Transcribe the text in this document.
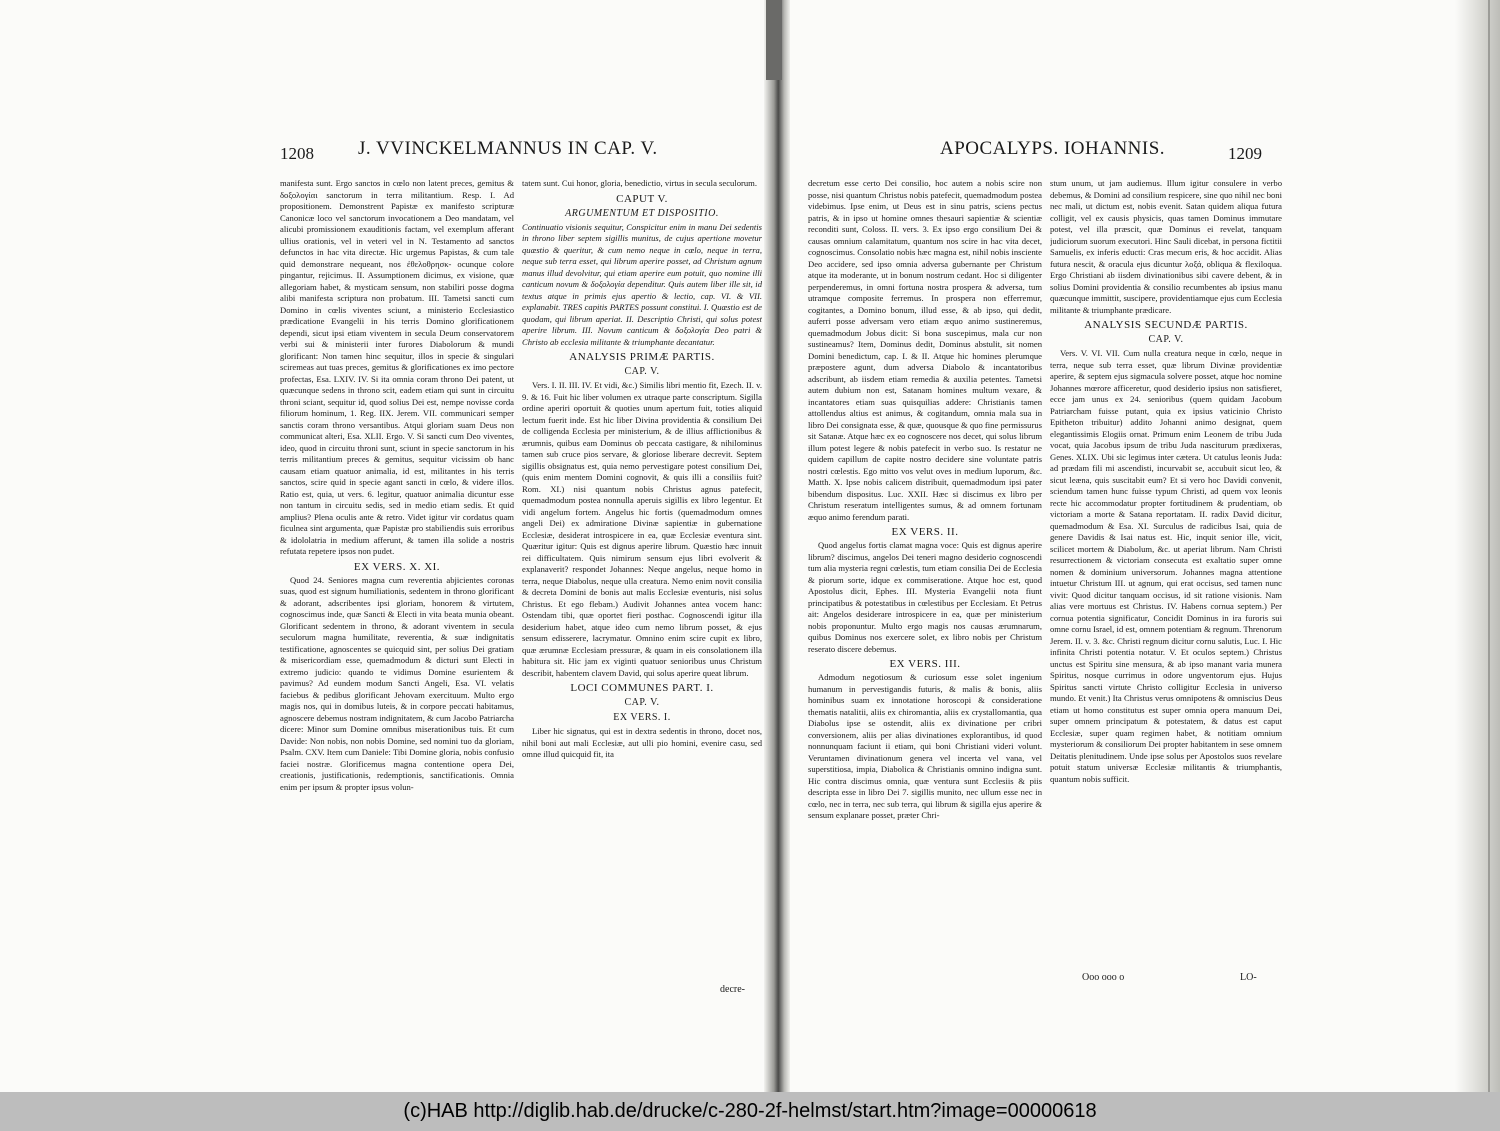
1208 J. VVINCKELMANNUS IN CAP. V.

manifesta sunt. Ergo sanctos in cœlo non latent preces, gemitus & δοξολογίαι sanctorum in terra militantium. Resp. I. Ad propositionem. Demonstrent Papistæ ex manifesto scripturæ Canonicæ loco vel sanctorum invocationem a Deo mandatam, vel alicubi promissionem exauditionis factam, vel exemplum afferant ullius orationis, vel in veteri vel in N. Testamento ad sanctos defunctos in hac vita directæ. Hic urgemus Papistas, & cum tale quid demonstrare nequeant, nos ἐθελοθρησκ- ocunque colore pingantur, rejicimus. II. Assumptionem dicimus, ex visione, quæ allegoriam habet, & mysticam sensum, non stabiliri posse dogma alibi manifesta scriptura non probatum. III. Tametsi sancti cum Domino in cœlis viventes sciunt, a ministerio Ecclesiastico prædicatione Evangelii in his terris Domino glorificationem dependi, sicut ipsi etiam viventem in secula Deum conservatorem verbi sui & ministerii inter furores Diabolorum & mundi glorificant: Non tamen hinc sequitur, illos in specie & singulari sciremeas aut tuas preces, gemitus & glorificationes ex imo pectore profectas, Esa. LXIV. IV. Si ita omnia coram throno Dei patent, ut quæcunque sedens in throno scit, eadem etiam qui sunt in circuitu throni sciant, sequitur id, quod solius Dei est, nempe novisse corda filiorum hominum, 1. Reg. IIX. Jerem. VII. communicari semper sanctis coram throno versantibus. Atqui gloriam suam Deus non communicat alteri, Esa. XLII. Ergo. V. Si sancti cum Deo viventes, ideo, quod in circuitu throni sunt, sciunt in specie sanctorum in his terris militantium preces & gemitus, sequitur vicissim ob hanc causam etiam quatuor animalia, id est, militantes in his terris sanctos, scire quid in specie agant sancti in cœlo, & videre illos. Ratio est, quia, ut vers. 6. legitur, quatuor animalia dicuntur esse non tantum in circuitu sedis, sed in medio etiam sedis. Et quid amplius? Plena oculis ante & retro. Videt igitur vir cordatus quam ficulnea sint argumenta, quæ Papistæ pro stabiliendis suis erroribus & idololatria in medium afferunt, & tamen illa solide a nostris refutata repetere ipsos non pudet.

EX VERS. X. XI.

Quod 24. Seniores magna cum reverentia abjicientes coronas suas, quod est signum humiliationis, sedentem in throno glorificant & adorant, adscribentes ipsi gloriam, honorem & virtutem, cognoscimus inde, quæ Sancti & Electi in vita beata munia obeant. Glorificant sedentem in throno, & adorant viventem in secula seculorum magna humilitate, reverentia, & suæ indignitatis testificatione, agnoscentes se quicquid sint, per solius Dei gratiam & misericordiam esse, quemadmodum & dicturi sunt Electi in extremo judicio: quando te vidimus Domine esurientem & pavimus? Ad eundem modum Sancti Angeli, Esa. VI. velatis faciebus & pedibus glorificant Jehovam exercituum. Multo ergo magis nos, qui in domibus luteis, & in corpore peccati habitamus, agnoscere debemus nostram indignitatem, & cum Jacobo Patriarcha dicere: Minor sum Domine omnibus miserationibus tuis. Et cum Davide: Non nobis, non nobis Domine, sed nomini tuo da gloriam, Psalm. CXV. Item cum Daniele: Tibi Domine gloria, nobis confusio faciei nostræ. Glorificemus magna contentione opera Dei, creationis, justificationis, redemptionis, sanctificationis. Omnia enim per ipsum & propter ipsus volun-

tatem sunt. Cui honor, gloria, benedictio, virtus in secula seculorum.

CAPUT V.
ARGUMENTUM ET DISPOSITIO.

Continuatio visionis sequitur, Conspicitur enim in manu Dei sedentis in throno liber septem sigillis munitus, de cujus apertione movetur quæstio & queritur, & cum nemo neque in cœlo, neque in terra, neque sub terra esset, qui librum aperire posset, ad Christum agnum manus illud devolvitur, qui etiam aperire eum potuit, quo nomine illi canticum novum & δοξολογία dependitur. Quis autem liber ille sit, id textus atque in primis ejus apertio & lectio, cap. VI. & VII. explanabit. TRES capitis PARTES possunt constitui. I. Quæstio est de quodam, qui librum aperiat. II. Descriptio Christi, qui solus potest aperire librum. III. Novum canticum & δοξολογία Deo patri & Christo ab ecclesia militante & triumphante decantatur.

ANALYSIS PRIMÆ PARTIS.
CAP. V.

Vers. I. II. III. IV. Et vidi, &c.) Similis libri mentio fit, Ezech. II. v. 9. & 16. Fuit hic liber volumen ex utraque parte conscriptum. Sigilla ordine aperiri oportuit & quoties unum apertum fuit, toties aliquid lectum fuerit inde. Est hic liber Divina providentia & consilium Dei de colligenda Ecclesia per ministerium, & de illius afflictionibus & ærumnis, quibus eam Dominus ob peccata castigare, & nihilominus tamen sub cruce pios servare, & gloriose liberare decrevit. Septem sigillis obsignatus est, quia nemo pervestigare potest consilium Dei, (quis enim mentem Domini cognovit, & quis illi a consiliis fuit? Rom. XI.) nisi quantum nobis Christus agnus patefecit, quemadmodum postea nonnulla aperuis sigillis ex libro legentur. Et vidi angelum fortem. Angelus hic fortis (quemadmodum omnes angeli Dei) ex admiratione Divinæ sapientiæ in gubernatione Ecclesiæ, desiderat introspicere in ea, quæ Ecclesiæ eventura sint. Quæritur igitur: Quis est dignus aperire librum. Quæstio hæc innuit rei difficultatem. Quis nimirum sensum ejus libri evolverit & explanaverit? respondet Johannes: Neque angelus, neque homo in terra, neque Diabolus, neque ulla creatura. Nemo enim novit consilia & decreta Domini de bonis aut malis Ecclesiæ eventuris, nisi solus Christus. Et ego flebam.) Audivit Johannes antea vocem hanc: Ostendam tibi, quæ oportet fieri posthac. Cognoscendi igitur illa desiderium habet, atque ideo cum nemo librum posset, & ejus sensum edisserere, lacrymatur. Omnino enim scire cupit ex libro, quæ ærumnæ Ecclesiam pressuræ, & quam in eis consolationem illa habitura sit. Hic jam ex viginti quatuor senioribus unus Christum describit, habentem clavem David, qui solus aperire queat librum.

LOCI COMMUNES PART. I.
CAP. V.
EX VERS. I.

Liber hic signatus, qui est in dextra sedentis in throno, docet nos, nihil boni aut mali Ecclesiæ, aut ulli pio homini, evenire casu, sed omne illud quicquid fit, ita

decre-
APOCALYPS. IOHANNIS.	1209

decretum esse certo Dei consilio, hoc autem a nobis scire non posse, nisi quantum Christus nobis patefecit, quemadmodum postea videbimus. Ipse enim, ut Deus est in sinu patris, sciens pectus patris, & in ipso ut homine omnes thesauri sapientiæ & scientiæ reconditi sunt, Coloss. II. vers. 3. Ex ipso ergo consilium Dei & causas omnium calamitatum, quantum nos scire in hac vita decet, cognoscimus. Consolatio nobis hæc magna est, nihil nobis insciente Deo accidere, sed ipso omnia adversa gubernante per Christum atque ita moderante, ut in bonum nostrum cedant. Hoc si diligenter perpenderemus, in omni fortuna nostra prospera & adversa, tum utramque composite ferremus. In prospera non efferremur, cogitantes, a Domino bonum, illud esse, & ab ipso, qui dedit, auferri posse adversam vero etiam æquo animo sustineremus, quemadmodum Jobus dicit: Si bona suscepimus, mala cur non sustineamus? Item, Dominus dedit, Dominus abstulit, sit nomen Domini benedictum, cap. I. & II. Atque hic homines plerumque præpostere agunt, dum adversa Diabolo & incantatoribus adscribunt, ab iisdem etiam remedia & auxilia petentes. Tametsi autem dubium non est, Satanam homines multum vexare, & incantatores etiam suas quisquilias addere: Christianis tamen attollendus altius est animus, & cogitandum, omnia mala sua in libro Dei consignata esse, & quæ, quousque & quo fine permissurus sit Satanæ. Atque hæc ex eo cognoscere nos decet, qui solus librum illum potest legere & nobis patefecit in verbo suo. Is restatur ne quidem capillum de capite nostro decidere sine voluntate patris nostri cœlestis. Ego mitto vos velut oves in medium luporum, &c. Matth. X. Ipse nobis calicem distribuit, quemadmodum ipsi pater bibendum dispositus. Luc. XXII. Hæc si discimus ex libro per Christum reseratum intelligentes sumus, & ad omnem fortunam æquo animo ferendum parati.

EX VERS. II.

Quod angelus fortis clamat magna voce: Quis est dignus aperire librum? discimus, angelos Dei teneri magno desiderio cognoscendi tum alia mysteria regni cœlestis, tum etiam consilia Dei de Ecclesia & piorum sorte, idque ex commiseratione. Atque hoc est, quod Apostolus dicit, Ephes. III. Mysteria Evangelii nota fiunt principatibus & potestatibus in cœlestibus per Ecclesiam. Et Petrus ait: Angelos desiderare introspicere in ea, quæ per ministerium nobis proponuntur. Multo ergo magis nos causas ærumnarum, quibus Dominus nos exercere solet, ex libro nobis per Christum reserato discere debemus.

EX VERS. III.

Admodum negotiosum & curiosum esse solet ingenium humanum in pervestigandis futuris, & malis & bonis, aliis hominibus suam ex innotatione horoscopi & consideratione thematis natalitii, aliis ex chiromantia, aliis ex crystallomantia, qua Diabolus ipse se ostendit, aliis ex divinatione per cribri conversionem, aliis per alias divinationes explorantibus, id quod nonnunquam faciunt ii etiam, qui boni Christiani videri volunt. Veruntamen divinationum genera vel incerta vel vana, vel superstitiosa, impia, Diabolica & Christianis omnino indigna sunt. Hic contra discimus omnia, quæ ventura sunt Ecclesiis & piis descripta esse in libro Dei 7. sigillis munito, nec ullum esse nec in cœlo, nec in terra, nec sub terra, qui librum & sigilla ejus aperire & sensum explanare posset, præter Chri-

stum unum, ut jam audiemus. Illum igitur consulere in verbo debemus, & Domini ad consilium respicere, sine quo nihil nec boni nec mali, ut dictum est, nobis evenit. Satan quidem aliqua futura colligit, vel ex causis physicis, quas tamen Dominus immutare potest, vel illa præscit, quæ Dominus ei revelat, tanquam judiciorum suorum executori. Hinc Sauli dicebat, in persona fictitii Samuelis, ex inferis educti: Cras mecum eris, & hoc accidit. Alias futura nescit, & oracula ejus dicuntur λοξά, obliqua & flexiloqua. Ergo Christiani ab iisdem divinationibus sibi cavere debent, & in solius Domini providentia & consilio recumbentes ab ipsius manu quæcunque immittit, suscipere, providentiamque ejus cum Ecclesia militante & triumphante prædicare.

ANALYSIS SECUNDÆ PARTIS.
CAP. V.

Vers. V. VI. VII. Cum nulla creatura neque in cœlo, neque in terra, neque sub terra esset, quæ librum Divinæ providentiæ aperire, & septem ejus sigmacula solvere posset, atque hoc nomine Johannes mœrore afficeretur, quod desiderio ipsius non satisfieret, ecce jam unus ex 24. senioribus (quem quidam Jacobum Patriarcham fuisse putant, quia ex ipsius vaticinio Christo Epitheton tribuitur) addito Johanni animo designat, quem elegantissimis Elogiis ornat. Primum enim Leonem de tribu Juda vocat, quia Jacobus ipsum de tribu Juda nasciturum prædixeras, Genes. XLIX. Ubi sic legimus inter cætera. Ut catulus leonis Juda: ad prædam fili mi ascendisti, incurvabit se, accubuit sicut leo, & sicut leæna, quis suscitabit eum? Et si vero hoc Davidi convenit, sciendum tamen hunc fuisse typum Christi, ad quem vox leonis recte hic accommodatur propter fortitudinem & prudentiam, ob victoriam a morte & Satana reportatam. II. radix David dicitur, quemadmodum & Esa. XI. Surculus de radicibus Isai, quia de genere Davidis & Isai natus est. Hic, inquit senior ille, vicit, scilicet mortem & Diabolum, &c. ut aperiat librum. Nam Christi resurrectionem & victoriam consecuta est exaltatio super omne nomen & dominium universorum. Johannes magna attentione intuetur Christum III. ut agnum, qui erat occisus, sed tamen nunc vivit: Quod dicitur tanquam occisus, id sit ratione visionis. Nam alias vere mortuus est Christus. IV. Habens cornua septem.) Per cornua potentia significatur, Concidit Dominus in ira furoris sui omne cornu Israel, id est, omnem potentiam & regnum. Threnorum Jerem. II. v. 3. &c. Christi regnum dicitur cornu salutis, Luc. I. Hic infinita Christi potentia notatur. V. Et oculos septem.) Christus unctus est Spiritu sine mensura, & ab ipso manant varia munera Spiritus, nosque currimus in odore ungventorum ejus. Hujus Spiritus sancti virtute Christo colligitur Ecclesia in universo mundo. Et venit.) Ita Christus verus omnipotens & omniscius Deus etiam ut homo constitutus est super omnia opera manuum Dei, super omnem principatum & potestatem, & datus est caput Ecclesiæ, super quam regimen habet, & notitiam omnium mysteriorum & consiliorum Dei propter habitantem in sese omnem Deitatis plenitudinem. Unde ipse solus per Apostolos suos revelare potuit statum universæ Ecclesiæ militantis & triumphantis, quantum nobis sufficit.

Ooo ooo o	LO-
(c)HAB http://diglib.hab.de/drucke/c-280-2f-helmst/start.htm?image=00000618
